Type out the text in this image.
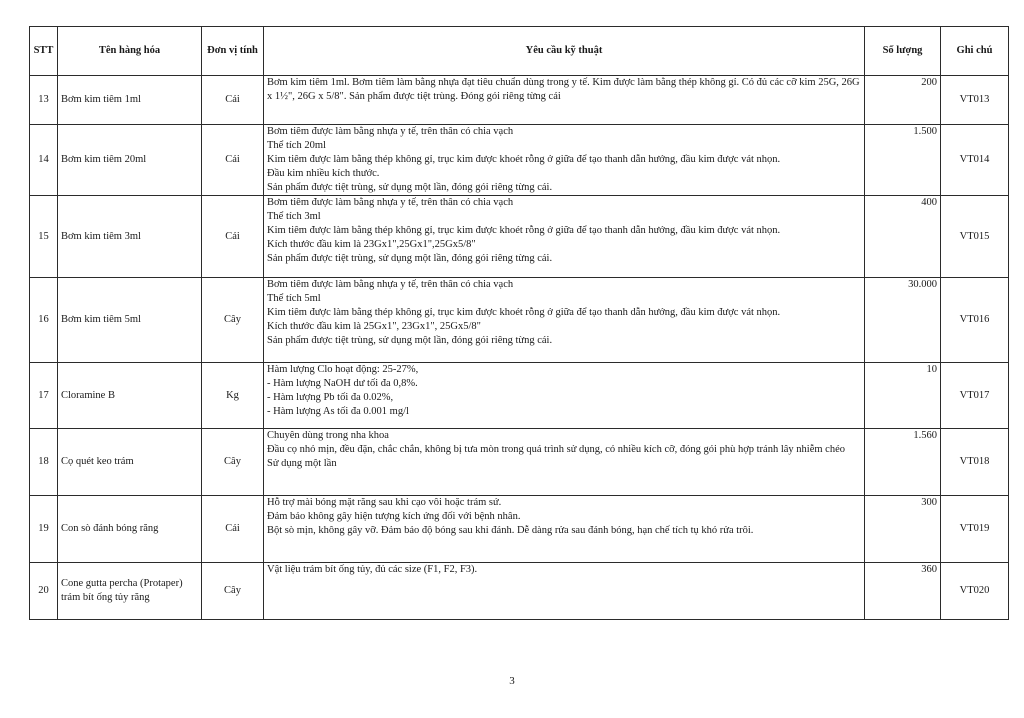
STT	Tên hàng hóa	Đơn vị tính	Yêu cầu kỹ thuật	Số lượng	Ghi chú
13	Bơm kim tiêm 1ml	Cái	Bơm kim tiêm 1ml. Bơm tiêm làm bằng nhựa đạt tiêu chuẩn dùng trong y tế. Kim được làm bằng thép không gỉ. Có đủ các cỡ kim 25G, 26G x 1½", 26G x 5/8". Sản phẩm được tiệt trùng. Đóng gói riêng từng cái	200	VT013
14	Bơm kim tiêm 20ml	Cái	Bơm tiêm được làm bằng nhựa y tế, trên thân có chia vạch
Thể tích 20ml
Kim tiêm được làm bằng thép không gỉ, trục kim được khoét rỗng ở giữa để tạo thanh dẫn hướng, đầu kim được vát nhọn.
Đầu kim nhiều kích thước.
Sản phẩm được tiệt trùng, sử dụng một lần, đóng gói riêng từng cái.	1.500	VT014
15	Bơm kim tiêm 3ml	Cái	Bơm tiêm được làm bằng nhựa y tế, trên thân có chia vạch
Thể tích 3ml
Kim tiêm được làm bằng thép không gỉ, trục kim được khoét rỗng ở giữa để tạo thanh dẫn hướng, đầu kim được vát nhọn.
Kích thước đầu kim là 23Gx1",25Gx1",25Gx5/8"
Sản phẩm được tiệt trùng, sử dụng một lần, đóng gói riêng từng cái.	400	VT015
16	Bơm kim tiêm 5ml	Cây	Bơm tiêm được làm bằng nhựa y tế, trên thân có chia vạch
Thể tích 5ml
Kim tiêm được làm bằng thép không gỉ, trục kim được khoét rỗng ở giữa để tạo thanh dẫn hướng, đầu kim được vát nhọn.
Kích thước đầu kim là 25Gx1", 23Gx1", 25Gx5/8"
Sản phẩm được tiệt trùng, sử dụng một lần, đóng gói riêng từng cái.	30.000	VT016
17	Cloramine B	Kg	Hàm lượng Clo hoạt động: 25-27%,
- Hàm lượng NaOH dư tối đa 0,8%.
- Hàm lượng Pb tối đa 0.02%,
- Hàm lượng As tối đa 0.001 mg/l	10	VT017
18	Cọ quét keo trám	Cây	Chuyên dùng trong nha khoa
Đầu cọ nhỏ mịn, đều đặn, chắc chắn, không bị tưa mòn trong quá trình sử dụng, có nhiều kích cỡ, đóng gói phù hợp tránh lây nhiễm chéo
Sử dụng một lần	1.560	VT018
19	Con sò đánh bóng răng	Cái	Hỗ trợ mài bóng mặt răng sau khi cạo vôi hoặc trám sứ.
Đảm bảo không gây hiện tượng kích ứng đối với bệnh nhân.
Bột sò mịn, không gây vỡ. Đảm bảo độ bóng sau khi đánh. Dễ dàng rửa sau đánh bóng, hạn chế tích tụ khó rửa trôi.	300	VT019
20	Cone gutta percha (Protaper) trám bít ống tủy răng	Cây	Vật liệu trám bít ống tủy, đủ các size (F1, F2, F3).	360	VT020
3
